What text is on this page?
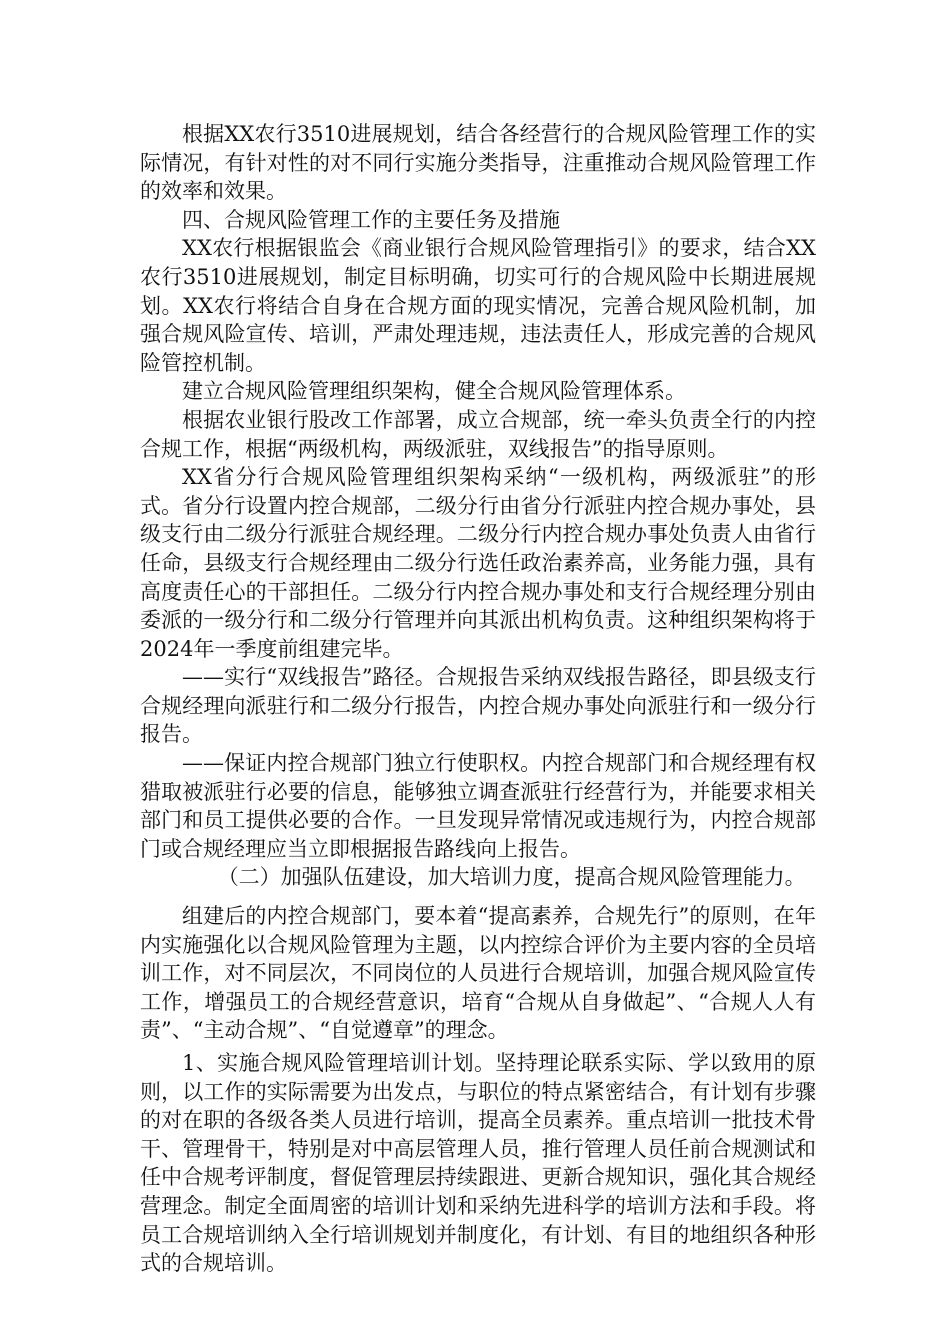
根据XX农行3510进展规划，结合各经营行的合规风险管理工作的实际情况，有针对性的对不同行实施分类指导，注重推动合规风险管理工作的效率和效果。

四、合规风险管理工作的主要任务及措施

XX农行根据银监会《商业银行合规风险管理指引》的要求，结合XX农行3510进展规划，制定目标明确，切实可行的合规风险中长期进展规划。XX农行将结合自身在合规方面的现实情况，完善合规风险机制，加强合规风险宣传、培训，严肃处理违规，违法责任人，形成完善的合规风险管控机制。

建立合规风险管理组织架构，健全合规风险管理体系。

根据农业银行股改工作部署，成立合规部，统一牵头负责全行的内控合规工作，根据“两级机构，两级派驻，双线报告”的指导原则。

XX省分行合规风险管理组织架构采纳“一级机构，两级派驻”的形式。省分行设置内控合规部，二级分行由省分行派驻内控合规办事处，县级支行由二级分行派驻合规经理。二级分行内控合规办事处负责人由省行任命，县级支行合规经理由二级分行选任政治素养高，业务能力强，具有高度责任心的干部担任。二级分行内控合规办事处和支行合规经理分别由委派的一级分行和二级分行管理并向其派出机构负责。这种组织架构将于2024年一季度前组建完毕。

——实行“双线报告”路径。合规报告采纳双线报告路径，即县级支行合规经理向派驻行和二级分行报告，内控合规办事处向派驻行和一级分行报告。

——保证内控合规部门独立行使职权。内控合规部门和合规经理有权猎取被派驻行必要的信息，能够独立调查派驻行经营行为，并能要求相关部门和员工提供必要的合作。一旦发现异常情况或违规行为，内控合规部门或合规经理应当立即根据报告路线向上报告。

（二）加强队伍建设，加大培训力度，提高合规风险管理能力。

组建后的内控合规部门，要本着“提高素养，合规先行”的原则，在年内实施强化以合规风险管理为主题，以内控综合评价为主要内容的全员培训工作，对不同层次，不同岗位的人员进行合规培训，加强合规风险宣传工作，增强员工的合规经营意识，培育“合规从自身做起”、“合规人人有责”、“主动合规”、“自觉遵章”的理念。

1、实施合规风险管理培训计划。坚持理论联系实际、学以致用的原则，以工作的实际需要为出发点，与职位的特点紧密结合，有计划有步骤的对在职的各级各类人员进行培训，提高全员素养。重点培训一批技术骨干、管理骨干，特别是对中高层管理人员，推行管理人员任前合规测试和任中合规考评制度，督促管理层持续跟进、更新合规知识，强化其合规经营理念。制定全面周密的培训计划和采纳先进科学的培训方法和手段。将员工合规培训纳入全行培训规划并制度化，有计划、有目的地组织各种形式的合规培训。
